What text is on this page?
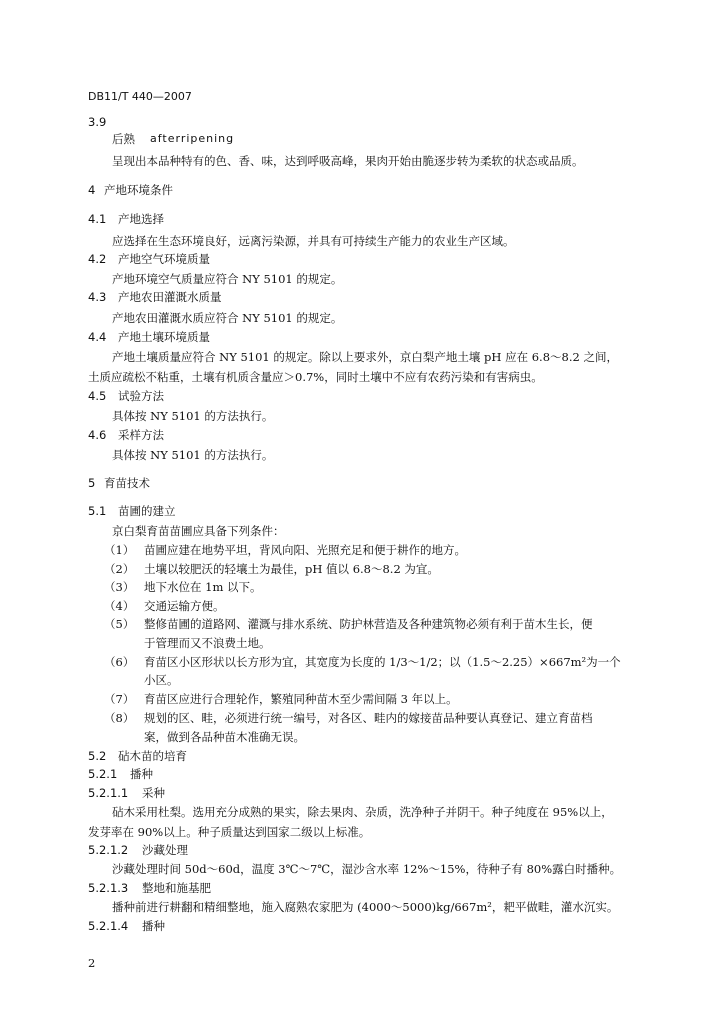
DB11/T 440—2007
3.9
后熟 afterripening
呈现出本品种特有的色、香、味，达到呼吸高峰，果肉开始由脆逐步转为柔软的状态或品质。
4 产地环境条件
4.1 产地选择
应选择在生态环境良好，远离污染源，并具有可持续生产能力的农业生产区域。
4.2 产地空气环境质量
产地环境空气质量应符合 NY 5101 的规定。
4.3 产地农田灌溉水质量
产地农田灌溉水质应符合 NY 5101 的规定。
4.4 产地土壤环境质量
产地土壤质量应符合 NY 5101 的规定。除以上要求外，京白梨产地土壤 pH 应在 6.8～8.2 之间，
土质应疏松不粘重，土壤有机质含量应＞0.7%，同时土壤中不应有农药污染和有害病虫。
4.5 试验方法
具体按 NY 5101 的方法执行。
4.6 采样方法
具体按 NY 5101 的方法执行。
5 育苗技术
5.1 苗圃的建立
京白梨育苗苗圃应具备下列条件：
（1） 苗圃应建在地势平坦，背风向阳、光照充足和便于耕作的地方。
（2） 土壤以较肥沃的轻壤土为最佳，pH 值以 6.8～8.2 为宜。
（3） 地下水位在 1m 以下。
（4） 交通运输方便。
（5） 整修苗圃的道路网、灌溉与排水系统、防护林营造及各种建筑物必须有利于苗木生长，便
于管理而又不浪费土地。
（6） 育苗区小区形状以长方形为宜，其宽度为长度的 1/3～1/2；以（1.5～2.25）×667m²为一个
小区。
（7） 育苗区应进行合理轮作，繁殖同种苗木至少需间隔 3 年以上。
（8） 规划的区、畦，必须进行统一编号，对各区、畦内的嫁接苗品种要认真登记、建立育苗档
案，做到各品种苗木准确无误。
5.2 砧木苗的培育
5.2.1 播种
5.2.1.1 采种
砧木采用杜梨。选用充分成熟的果实，除去果肉、杂质，洗净种子并阴干。种子纯度在 95%以上，
发芽率在 90%以上。种子质量达到国家二级以上标准。
5.2.1.2 沙藏处理
沙藏处理时间 50d～60d，温度 3℃～7℃，湿沙含水率 12%～15%，待种子有 80%露白时播种。
5.2.1.3 整地和施基肥
播种前进行耕翻和精细整地，施入腐熟农家肥为 (4000～5000)kg/667m²，耙平做畦，灌水沉实。
5.2.1.4 播种
2
